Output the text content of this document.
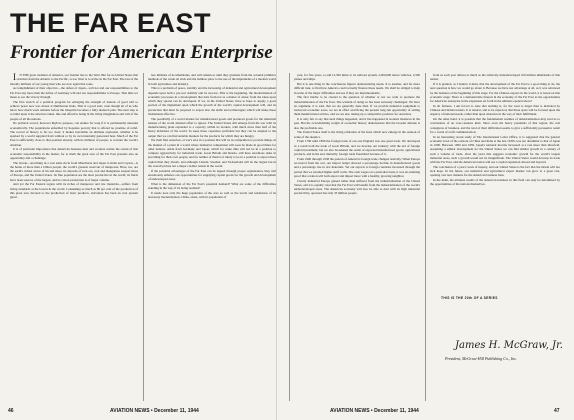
THE FAR EAST
Frontier for American Enterprise

IN THE great tradition of America, our frontier lies to the West. But for us United States that stretches from the Atlantic to the Pacific, so Go West is to arrive in the Far East. The last of the literally millions of our young men who are now again that route.

Accomplishment of their objective—the defeat of Japan—will not end our responsibilities to the Far East any more than the defeat of Germany will end our responsibilities to Europe. This time we mean to see the victory through.

The first stretch of a political program for enlarging the strength of nations of good will to achieve peace now was drawn at Dumbarton Oaks. That is a good start, even though all of us who know how much work remains before the blueprint becomes a fully matured plan. The next step is to build upon it the structure taken, like and effective being in the living imagination and will of the people of all the nations.

No political accord, however high its purpose, can endure for long if it is permanently unsound economically. The populations enfeebled by hopeless poverty that is offered no promise of relief. The record of history is far too clear; it makes inevitable an ultimate explosion, whether it be sparked by a world supplied from without or by its own internally generated heat. Much of the Far East is sufficiently close to that position already, with its millions of people, to warrant the world's attention.

It is of particular importance that American business men and workers realize the extent of that economic responsibility in the matter, for to them the great area of the Far East presents also an opportunity and a challenge.

The Ocean—stretching in a vast semi-circle from Manchuria and Japan to India and Ceylon—is the home of more than a billion people, the world's greatest reservoir of manpower. Here, too, are the earth's richest stores of tin and more, its deposits of iron ore, coal and manganese surpass those of Europe, and the United States. Its fine population are the most productive in the world; its fields have been sources of the largest, and its cotton production is of major volume.

And yet the Far Eastern region with its riches of manpower and raw materials—suffers from living standards at the lowest in the world. Consuming as much as 80 per cent of the production of this great area devoted to the production of basic products, starvation has been an ever present guest.

less millions of its inhabitants, and will remain so until they graduate from the colonial primitive methods of the crude oil stick and the bamboo plow to the use of the implements of a modern world in both agriculture and industry.

This is a problem of peace, stability and the increasing of industrial and agricultural development depends upon both a pre-war stability and its success. This is the beginning, the modernization of economic processes in a development that lasts from not as a matter of alone; from the ideas upon which they spread can be developed. If we, in the United States, have to hope to supply a good portion of the implement upon which the growth of the world's capital development will, and its production that must be prepared to export also the skills and technologies which will make these instruments effective.

The possibility of a world market for manufactured goods and produced goods for the industrial nations of the world demand effort to ignore. The United States still emerge from the war with its manufacturing plant expanded to a capacity within its borders, with much more than half of the heavy industries of the world. To keep those capacities profitable but they can be adapted to the output that we can find suitable markets for the products for which they are hungry.

We shall find ourselves, at war's end, in a position that will be in competition to provide things, in the manner of a plant in a world where industrial competition will soon be made in good times for other nations. Aside from Germany and Japan, which for some time will not be in a position to compete aggressively for industrial trade. Great Britain and Russia, still have enormous tasks in providing for their own people, and for neither of them is it likely to be in a position to export more capital than they absorb, and although Canada, Sweden, and Switzerland will be the largest but in the overall picture not a major creditor nation in the world.

If the potential advantages of the Far East can be tapped through proper organization, they will enormously enhance our opportunities for supplying capital goods for the growth and development of undeveloped areas.

What is the dimension of the Far East's potential demand? What are some of the difficulties standing in the way of its being realized?

It needs note only the huge population of the area as well as the levels and tendencies of its necessary modernization. China, alone, with its population of

year, for five years, to add 12,500 miles to its railroad system, 2,000,000 motor vehicles, 2,500 planes and ships.

But it is one thing in the conclusions figures demonstrating needs. It is another, and far more difficult task, to find how America could actually finance these needs. We shall be obliged to help in some of the major difficulties and see if they are insurmountable.

The first hurdle to be cleared is the question of whether or not we want to promote the industrialization of the Far East. The wisdom of doing so has been seriously challenged. We have no argument, it is said, that we are generally done then. If we provide industrial equipment to backward economic areas, we are in effect sacrificing the present long-run opportunity of selling them manufactured articles, and we are also raising up a competitive producer for ourselves.

It is only fair to say that such things happened, and it has happened in isolated instances in the past. But the overwhelming weight of economic history demonstrates that the broader attitude is also the profitable one.

The United States itself is the living refutation of the fears which now emerge in the outlook of some of the skeptics.

From 1790 until 1890 the foreign trade of our one England was one great trade. We developed as a result both the trade of Great Britain, and we develop our industry with the aid of foreign capital investment, but we also broadened the outlet of exported manufactured goods, agricultural products, and in the end, mutually, foreign trade flourished because of it.

From 1900 through 1938 the pattern of America's foreign trade changed radically. When Europe recovered from the war, our import ledger showed a percentage decline in manufactured goods and a percentage rise in raw materials. Yet our exports to foreign countries increased through the period that we retained higher tariff walls. The cash wages on a particular basis, it was an enduring proof that a nation will both export and import more with a healthy, growing neighbor.

Clearly industrial Europe gained rather than suffered from the industrialization of the United States, and it is equally clear that the Far East will benefit from the industrialization of the world's underdeveloped areas. The American economy will also be able to deal with its high industrial productivity, operated but only 33 million people.

from us each year almost as much as the relatively underdeveloped 100 million inhabitants of that nation.

If it is granted, as I believe it must, that the development of the Far East is a good thing to do, the next question is how we would go about it. Because we have not advantage at all, as it was advanced by the business at the beginning of this stage. For the Chinese exports in the world, it is based on that economic stage. There is a demonstrable interest in the economy of the Far East as the opportunities for American enterprise in the expansion set forth in the ultimate opened above?

In all fairness, I am forced to state that nothing is, for the road to larger than is indicated by Chinese and Indian leaders. It is natural, and to be expected, that these spots will be focused upon the urgency of national needs, rather than upon obstacles in the way of their fulfillment.

On the other hand, it is possible that the fundamental realities of industrialization may lead us to conclusions of an over-cautious kind. Since even the heavy potentials of that region, the real contagions of business, and the total of their infiltration seems to give a sufficiently persuasive result for a world of swift communication.

In an interesting recent study of The International Labor Office, it is suggested that the general economic level of the outlook of China and India at the late 1930's was not dissimilar to that of Japan in 1900. Between 1900 and 1938, Japan's national income increased at a rate more than threefold. Assuming a similar development for the United States we can find similar growth in a century of such a volume of trade. Over the years this suggests economic growth for the world's largest industrial areas, such a growth would not be insignificant. The United States would develop its trade with the Far East, and the American nation will see a capital expansion abroad and beyond.

The conclusion of a year's work of inquiry, and our United States is the fact that the Orient will not lack hope. In the future, our industrial and agricultural export market can grow at a great rate, opening vast new markets for the American business man.

In the main, the ultimate results of the American business in this field can only be determined by the opportunities of the nations themselves.

THIS IS THE 20th OF A SERIES
James H. McGraw, Jr.
President, McGraw-Hill Publishing Co., Inc.
46	AVIATION NEWS • December 11, 1944	AVIATION NEWS • December 11, 1944	47
